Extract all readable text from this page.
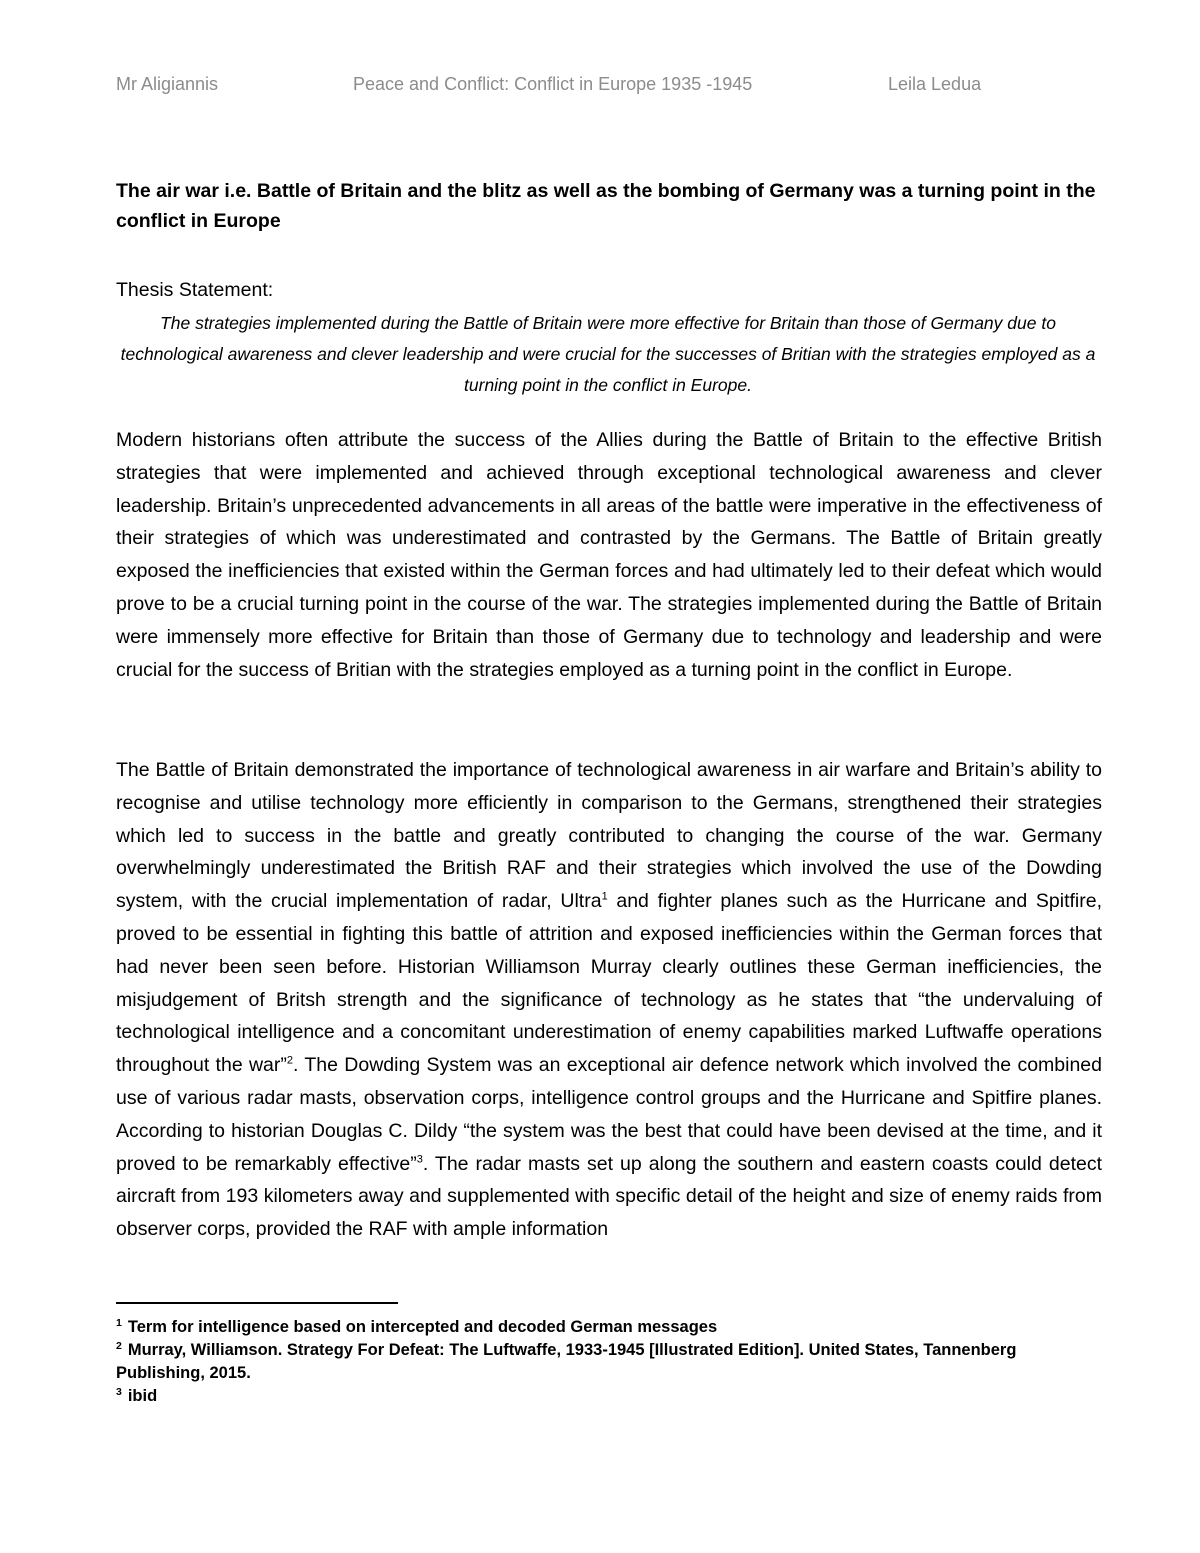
Mr Aligiannis	Peace and Conflict: Conflict in Europe 1935 -1945	Leila Ledua
The air war i.e. Battle of Britain and the blitz as well as the bombing of Germany was a turning point in the conflict in Europe
Thesis Statement:
The strategies implemented during the Battle of Britain were more effective for Britain than those of Germany due to technological awareness and clever leadership and were crucial for the successes of Britian with the strategies employed as a turning point in the conflict in Europe.

Modern historians often attribute the success of the Allies during the Battle of Britain to the effective British strategies that were implemented and achieved through exceptional technological awareness and clever leadership. Britain’s unprecedented advancements in all areas of the battle were imperative in the effectiveness of their strategies of which was underestimated and contrasted by the Germans. The Battle of Britain greatly exposed the inefficiencies that existed within the German forces and had ultimately led to their defeat which would prove to be a crucial turning point in the course of the war. The strategies implemented during the Battle of Britain were immensely more effective for Britain than those of Germany due to technology and leadership and were crucial for the success of Britian with the strategies employed as a turning point in the conflict in Europe.

The Battle of Britain demonstrated the importance of technological awareness in air warfare and Britain’s ability to recognise and utilise technology more efficiently in comparison to the Germans, strengthened their strategies which led to success in the battle and greatly contributed to changing the course of the war. Germany overwhelmingly underestimated the British RAF and their strategies which involved the use of the Dowding system, with the crucial implementation of radar, Ultra$^1$ and fighter planes such as the Hurricane and Spitfire, proved to be essential in fighting this battle of attrition and exposed inefficiencies within the German forces that had never been seen before. Historian Williamson Murray clearly outlines these German inefficiencies, the misjudgement of Britsh strength and the significance of technology as he states that “the undervaluing of technological intelligence and a concomitant underestimation of enemy capabilities marked Luftwaffe operations throughout the war”$^2$. The Dowding System was an exceptional air defence network which involved the combined use of various radar masts, observation corps, intelligence control groups and the Hurricane and Spitfire planes. According to historian Douglas C. Dildy “the system was the best that could have been devised at the time, and it proved to be remarkably effective”$^3$. The radar masts set up along the southern and eastern coasts could detect aircraft from 193 kilometers away and supplemented with specific detail of the height and size of enemy raids from observer corps, provided the RAF with ample information

$^1$ Term for intelligence based on intercepted and decoded German messages

$^2$ Murray, Williamson. Strategy For Defeat: The Luftwaffe, 1933-1945 [Illustrated Edition]. United States, Tannenberg Publishing, 2015.

$^3$ ibid
